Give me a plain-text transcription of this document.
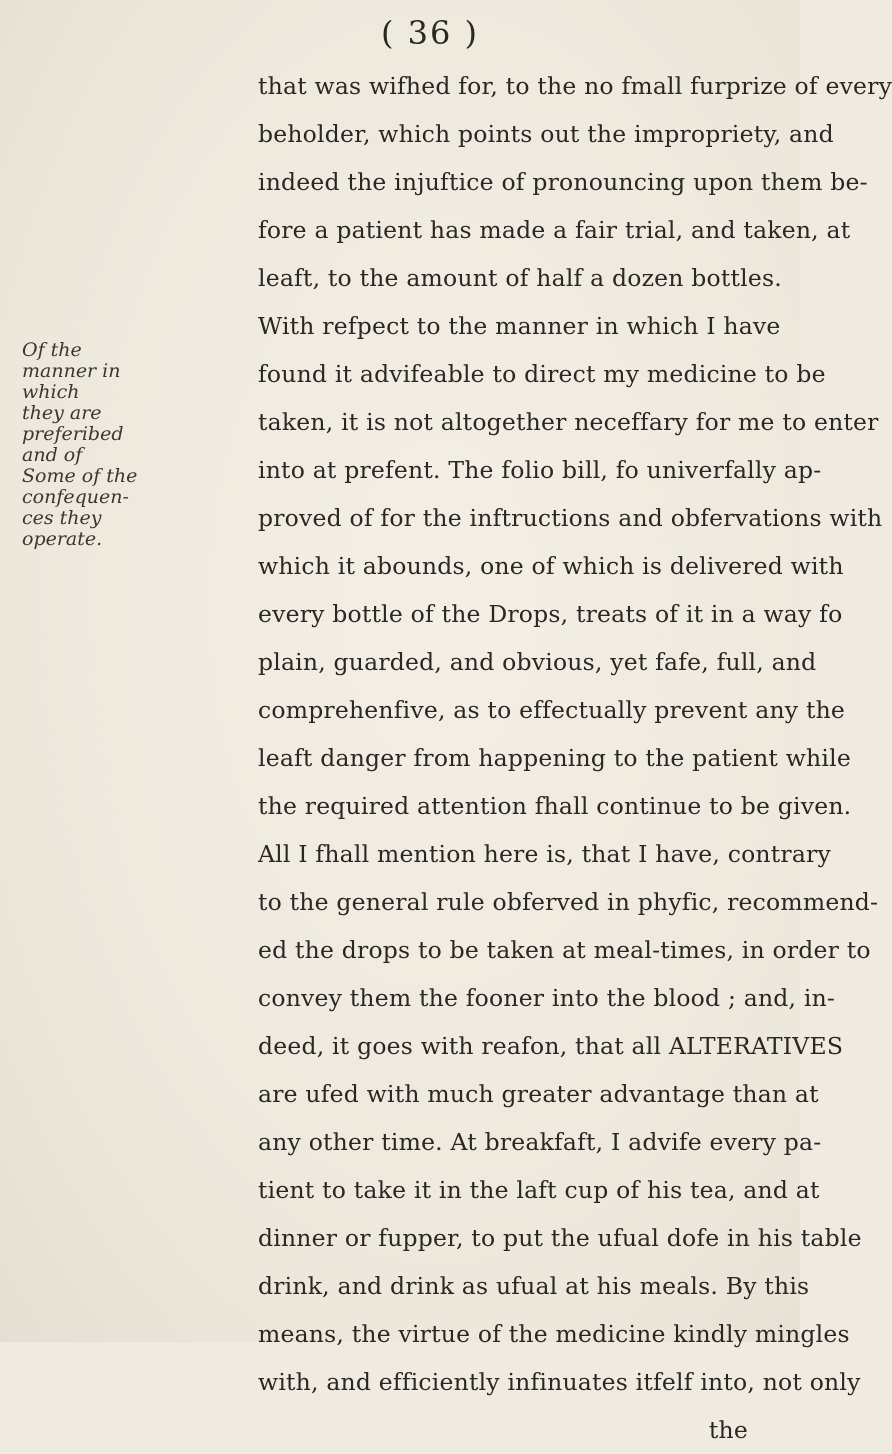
( 36 )
Of the
manner in
which
they are
preferibed
and of
Some of the
confequen-
ces they
operate.
that was wifhed for, to the no fmall furprize of every
beholder, which points out the impropriety, and
indeed the injuftice of pronouncing upon them be-
fore a patient has made a fair trial, and taken, at
leaft, to the amount of half a dozen bottles.
With refpect to the manner in which I have
found it advifeable to direct my medicine to be
taken, it is not altogether neceffary for me to enter
into at prefent. The folio bill, fo univerfally ap-
proved of for the inftructions and obfervations with
which it abounds, one of which is delivered with
every bottle of the Drops, treats of it in a way fo
plain, guarded, and obvious, yet fafe, full, and
comprehenfive, as to effectually prevent any the
leaft danger from happening to the patient while
the required attention fhall continue to be given.
All I fhall mention here is, that I have, contrary
to the general rule obferved in phyfic, recommend-
ed the drops to be taken at meal-times, in order to
convey them the fooner into the blood ; and, in-
deed, it goes with reafon, that all ALTERATIVES
are ufed with much greater advantage than at
any other time. At breakfaft, I advife every pa-
tient to take it in the laft cup of his tea, and at
dinner or fupper, to put the ufual dofe in his table
drink, and drink as ufual at his meals. By this
means, the virtue of the medicine kindly mingles
with, and efficiently infinuates itfelf into, not only
the
